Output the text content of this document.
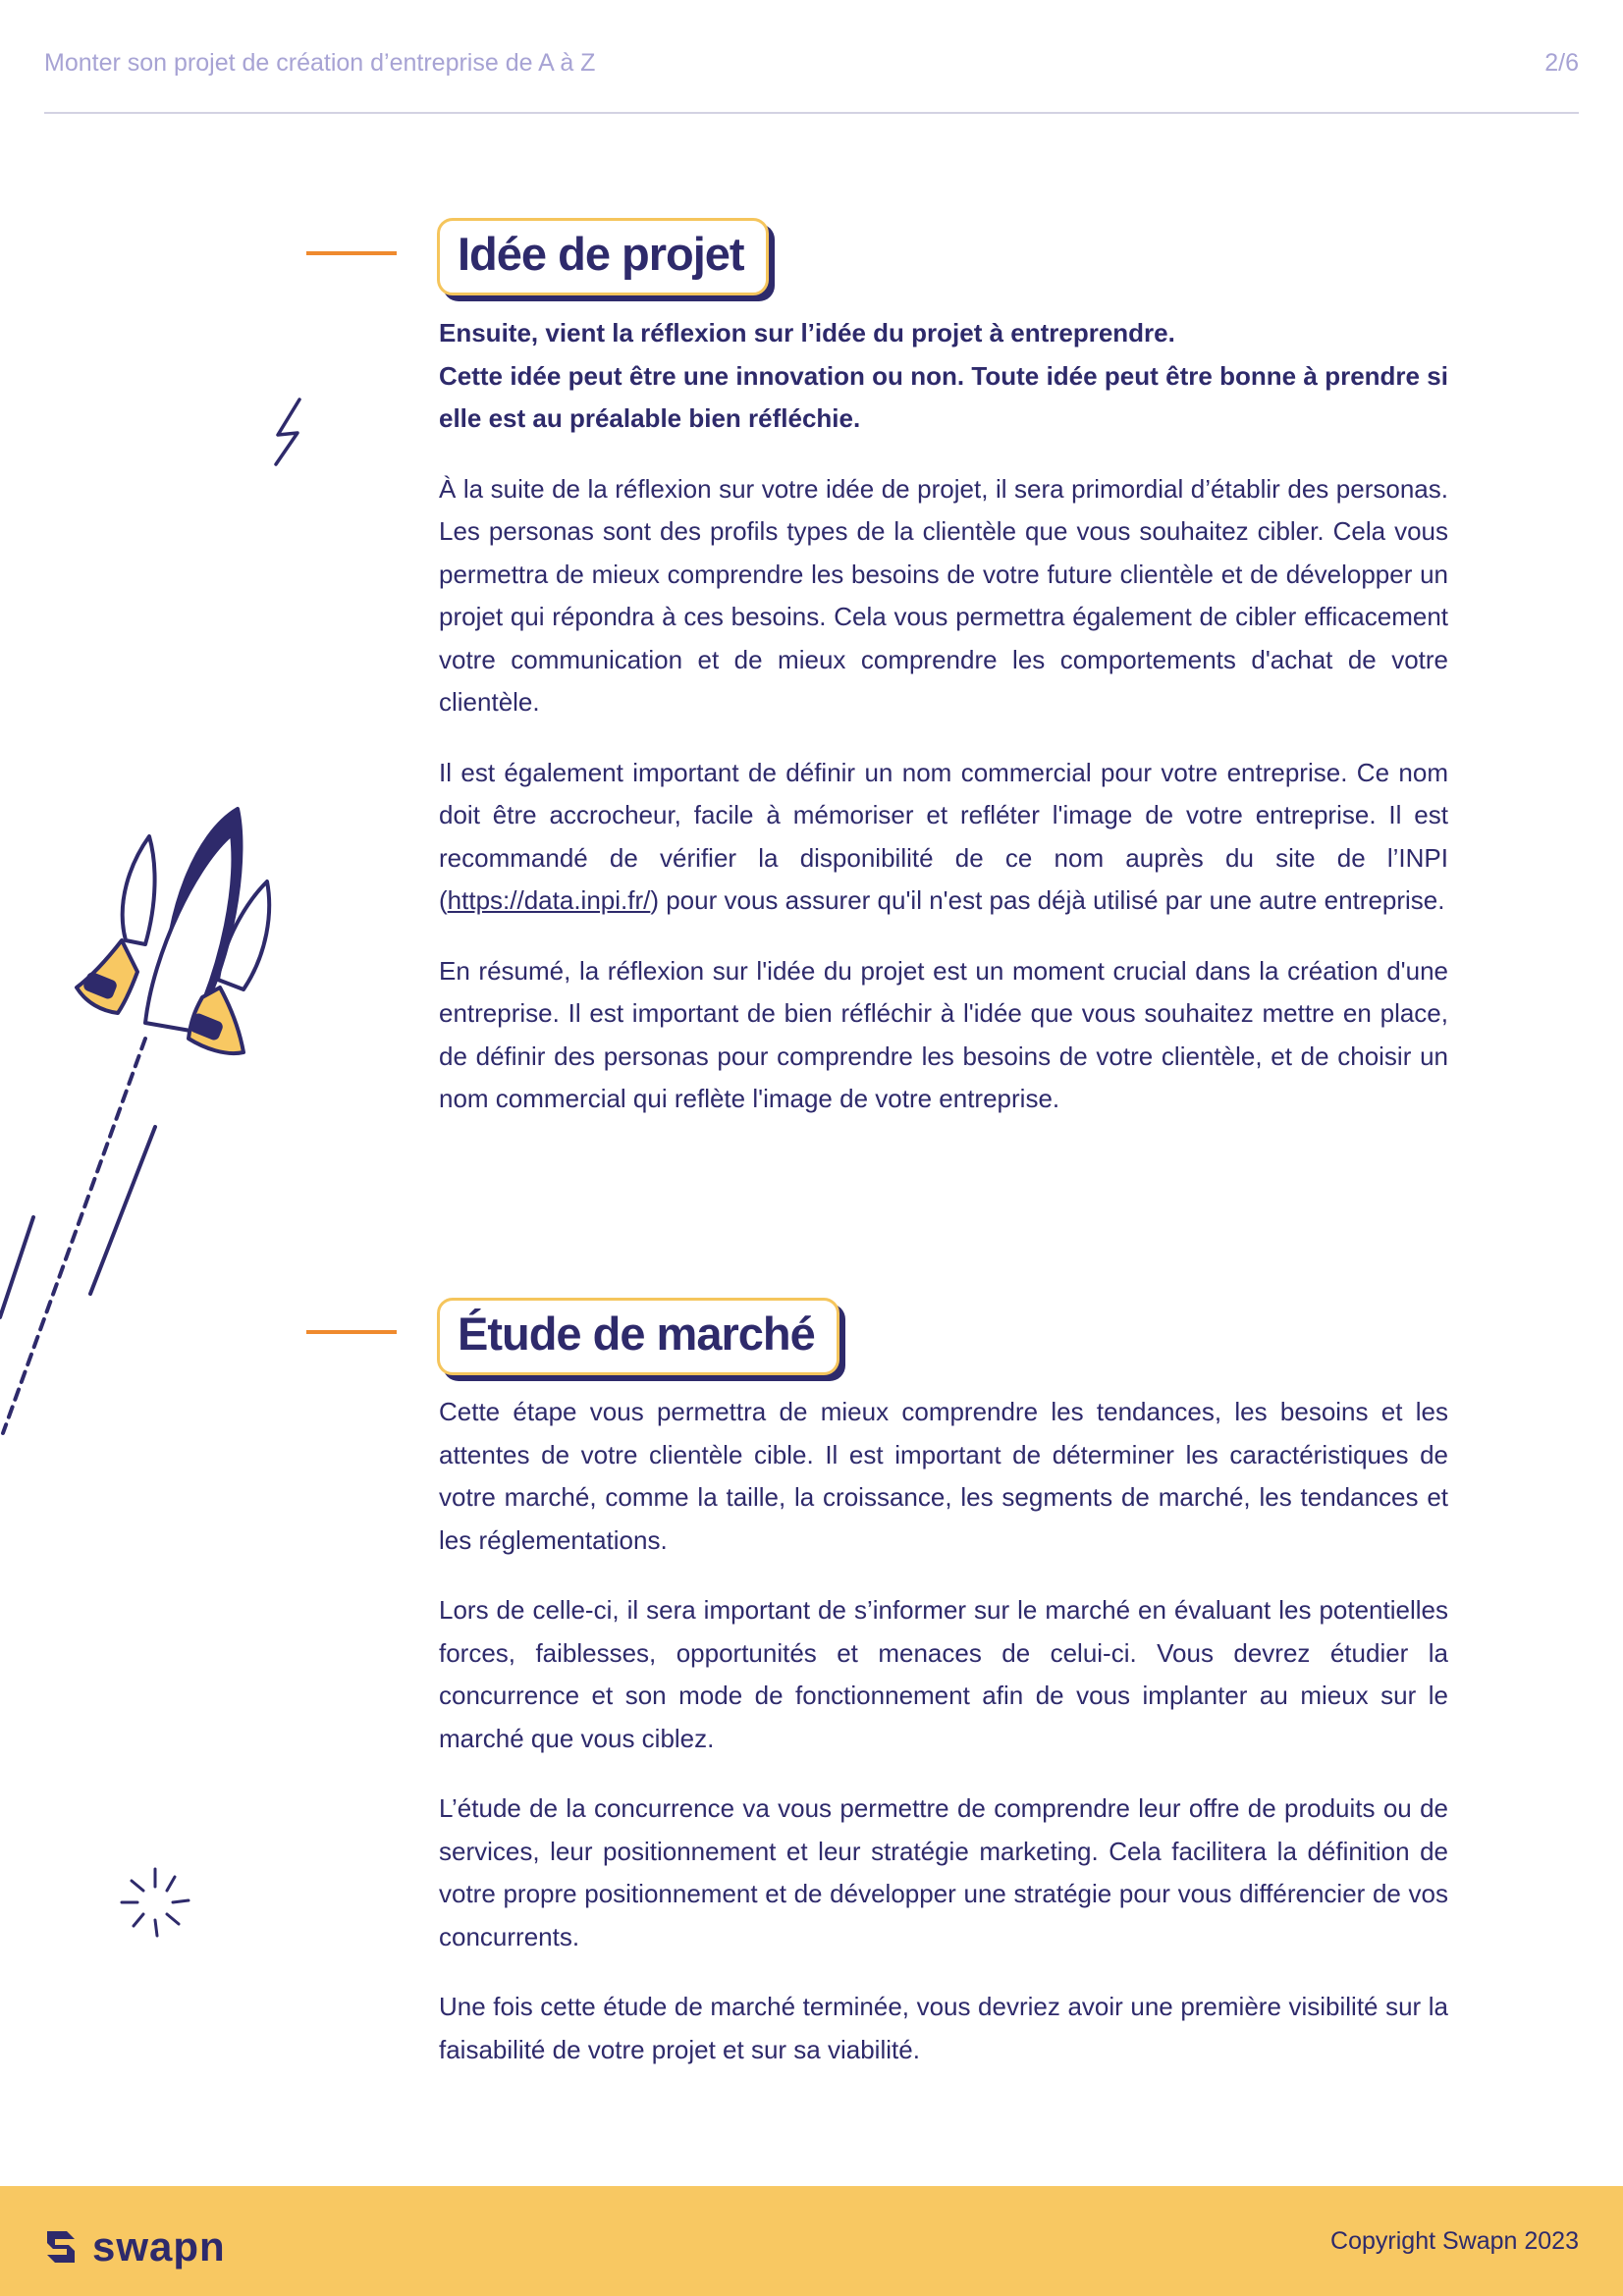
Monter son projet de création d’entreprise de A à Z	2/6
Idée de projet

Ensuite, vient la réflexion sur l’idée du projet à entreprendre.
Cette idée peut être une innovation ou non. Toute idée peut être bonne à prendre si elle est au préalable bien réfléchie.

À la suite de la réflexion sur votre idée de projet, il sera primordial d’établir des personas. Les personas sont des profils types de la clientèle que vous souhaitez cibler. Cela vous permettra de mieux comprendre les besoins de votre future clientèle et de développer un projet qui répondra à ces besoins. Cela vous permettra également de cibler efficacement votre communication et de mieux comprendre les comportements d'achat de votre clientèle.

Il est également important de définir un nom commercial pour votre entreprise. Ce nom doit être accrocheur, facile à mémoriser et refléter l'image de votre entreprise. Il est recommandé de vérifier la disponibilité de ce nom auprès du site de l’INPI (https://data.inpi.fr/) pour vous assurer qu'il n'est pas déjà utilisé par une autre entreprise.

En résumé, la réflexion sur l'idée du projet est un moment crucial dans la création d'une entreprise. Il est important de bien réfléchir à l'idée que vous souhaitez mettre en place, de définir des personas pour comprendre les besoins de votre clientèle, et de choisir un nom commercial qui reflète l'image de votre entreprise.

Étude de marché

Cette étape vous permettra de mieux comprendre les tendances, les besoins et les attentes de votre clientèle cible. Il est important de déterminer les caractéristiques de votre marché, comme la taille, la croissance, les segments de marché, les tendances et les réglementations.

Lors de celle-ci, il sera important de s’informer sur le marché en évaluant les potentielles forces, faiblesses, opportunités et menaces de celui-ci. Vous devrez étudier la concurrence et son mode de fonctionnement afin de vous implanter au mieux sur le marché que vous ciblez.

L’étude de la concurrence va vous permettre de comprendre leur offre de produits ou de services, leur positionnement et leur stratégie marketing. Cela facilitera la définition de votre propre positionnement et de développer une stratégie pour vous différencier de vos concurrents.

Une fois cette étude de marché terminée, vous devriez avoir une première visibilité sur la faisabilité de votre projet et sur sa viabilité.

swapn	Copyright Swapn 2023
